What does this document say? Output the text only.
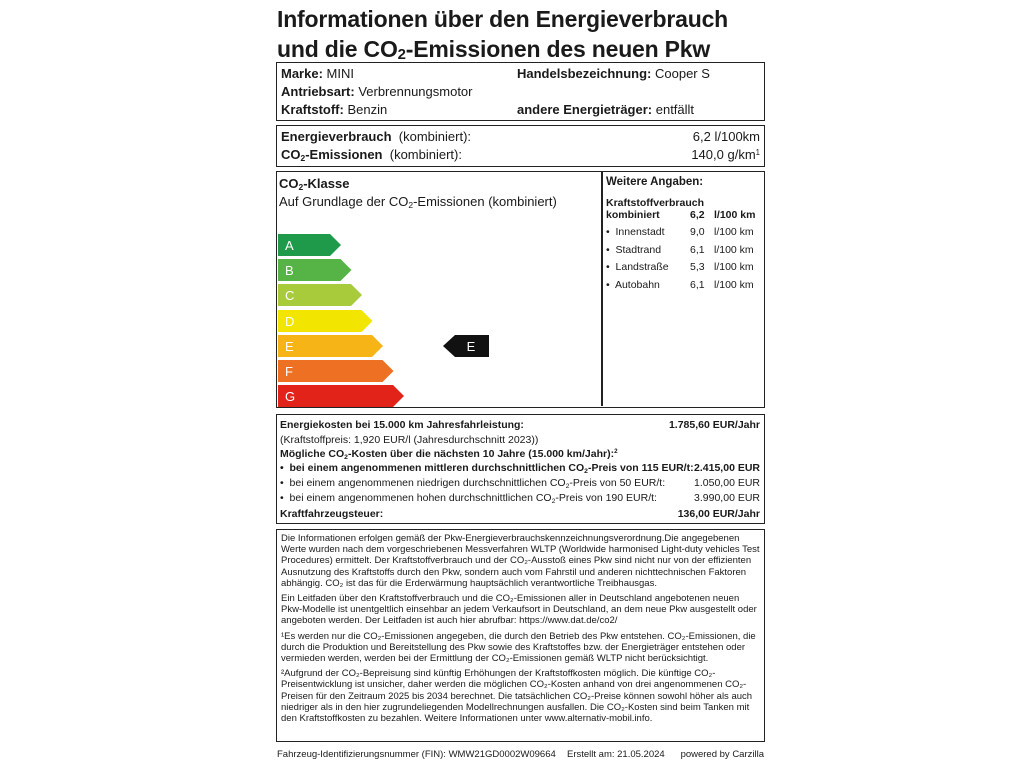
Informationen über den Energieverbrauch
und die $CO_2$-Emissionen des neuen Pkw
Marke: MINI	Handelsbezeichnung: Cooper S
Antriebsart: Verbrennungsmotor
Kraftstoff: Benzin	andere Energieträger: entfällt
Energieverbrauch (kombiniert):	6,2 l/100km
$CO_2$-Emissionen (kombiniert):	140,0 $g/km^1$
$CO_2$-Klasse
Auf Grundlage der $CO_2$-Emissionen (kombiniert)
A
B
C
D
E
F
G
E
Weitere Angaben:
Kraftstoffverbrauch
kombiniert	6,2 l/100 km
•  Innenstadt 9,0 l/100 km
•  Stadtrand	6,1 l/100 km
•  Landstraße 5,3 l/100 km
•  Autobahn	6,1 l/100 km
Energiekosten bei 15.000 km Jahresfahrleistung:	1.785,60 EUR/Jahr
(Kraftstoffpreis: 1,920 EUR/l (Jahresdurchschnitt 2023))
Mögliche $CO_2$-Kosten über die nächsten 10 Jahre (15.000 km/Jahr):$^2$
•  bei einem angenommenen mittleren durchschnittlichen $CO_2$-Preis von 115 EUR/t: 2.415,00 EUR
•  bei einem angenommenen niedrigen durchschnittlichen $CO_2$-Preis von 50 EUR/t:	1.050,00 EUR
•  bei einem angenommenen hohen durchschnittlichen $CO_2$-Preis von 190 EUR/t:	3.990,00 EUR
Kraftfahrzeugsteuer:	136,00 EUR/Jahr
Die Informationen erfolgen gemäß der Pkw-Energieverbrauchskennzeichnungsverordnung.Die angegebenen Werte wurden nach dem vorgeschriebenen Messverfahren WLTP (Worldwide harmonised Light-duty vehicles Test Procedures) ermittelt. Der Kraftstoffverbrauch und der CO₂-Ausstoß eines Pkw sind nicht nur von der effizienten Ausnutzung des Kraftstoffs durch den Pkw, sondern auch vom Fahrstil und anderen nichttechnischen Faktoren abhängig. CO₂ ist das für die Erderwärmung hauptsächlich verantwortliche Treibhausgas.
Ein Leitfaden über den Kraftstoffverbrauch und die CO₂-Emissionen aller in Deutschland angebotenen neuen Pkw-Modelle ist unentgeltlich einsehbar an jedem Verkaufsort in Deutschland, an dem neue Pkw ausgestellt oder angeboten werden. Der Leitfaden ist auch hier abrufbar: https://www.dat.de/co2/
¹Es werden nur die CO₂-Emissionen angegeben, die durch den Betrieb des Pkw entstehen. CO₂-Emissionen, die durch die Produktion und Bereitstellung des Pkw sowie des Kraftstoffes bzw. der Energieträger entstehen oder vermieden werden, werden bei der Ermittlung der CO₂-Emissionen gemäß WLTP nicht berücksichtigt.
²Aufgrund der CO₂-Bepreisung sind künftig Erhöhungen der Kraftstoffkosten möglich. Die künftige CO₂-Preisentwicklung ist unsicher, daher werden die möglichen CO₂-Kosten anhand von drei angenommenen CO₂-Preisen für den Zeitraum 2025 bis 2034 berechnet. Die tatsächlichen CO₂-Preise können sowohl höher als auch niedriger als in den hier zugrundeliegenden Modellrechnungen ausfallen. Die CO₂-Kosten sind beim Tanken mit den Kraftstoffkosten zu bezahlen. Weitere Informationen unter www.alternativ-mobil.info.
Fahrzeug-Identifizierungsnummer (FIN): WMW21GD0002W09664 Erstellt am: 21.05.2024 powered by Carzilla
